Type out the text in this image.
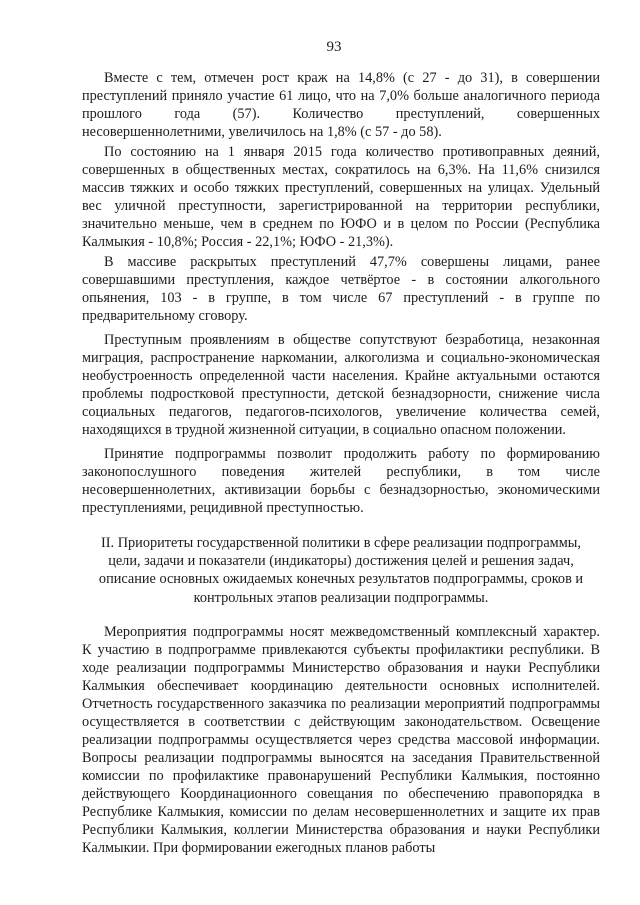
93

Вместе с тем, отмечен рост краж на 14,8% (с 27 - до 31), в совершении преступлений приняло участие 61 лицо, что на 7,0% больше аналогичного периода прошлого года (57). Количество преступлений, совершенных несовершеннолетними, увеличилось на 1,8% (с 57 - до 58).

По состоянию на 1 января 2015 года количество противоправных деяний, совершенных в общественных местах, сократилось на 6,3%. На 11,6% снизился массив тяжких и особо тяжких преступлений, совершенных на улицах. Удельный вес уличной преступности, зарегистрированной на территории республики, значительно меньше, чем в среднем по ЮФО и в целом по России (Республика Калмыкия - 10,8%; Россия - 22,1%; ЮФО - 21,3%).

В массиве раскрытых преступлений 47,7% совершены лицами, ранее совершавшими преступления, каждое четвёртое - в состоянии алкогольного опьянения, 103 - в группе, в том числе 67 преступлений - в группе по предварительному сговору.

Преступным проявлениям в обществе сопутствуют безработица, незаконная миграция, распространение наркомании, алкоголизма и социально-экономическая необустроенность определенной части населения. Крайне актуальными остаются проблемы подростковой преступности, детской безнадзорности, снижение числа социальных педагогов, педагогов-психологов, увеличение количества семей, находящихся в трудной жизненной ситуации, в социально опасном положении.

Принятие подпрограммы позволит продолжить работу по формированию законопослушного поведения жителей республики, в том числе несовершеннолетних, активизации борьбы с безнадзорностью, экономическими преступлениями, рецидивной преступностью.

II. Приоритеты государственной политики в сфере реализации подпрограммы, цели, задачи и показатели (индикаторы) достижения целей и решения задач, описание основных ожидаемых конечных результатов подпрограммы, сроков и контрольных этапов реализации подпрограммы.

Мероприятия подпрограммы носят межведомственный комплексный характер. К участию в подпрограмме привлекаются субъекты профилактики республики. В ходе реализации подпрограммы Министерство образования и науки Республики Калмыкия обеспечивает координацию деятельности основных исполнителей. Отчетность государственного заказчика по реализации мероприятий подпрограммы осуществляется в соответствии с действующим законодательством. Освещение реализации подпрограммы осуществляется через средства массовой информации. Вопросы реализации подпрограммы выносятся на заседания Правительственной комиссии по профилактике правонарушений Республики Калмыкия, постоянно действующего Координационного совещания по обеспечению правопорядка в Республике Калмыкия, комиссии по делам несовершеннолетних и защите их прав Республики Калмыкия, коллегии Министерства образования и науки Республики Калмыкии. При формировании ежегодных планов работы
